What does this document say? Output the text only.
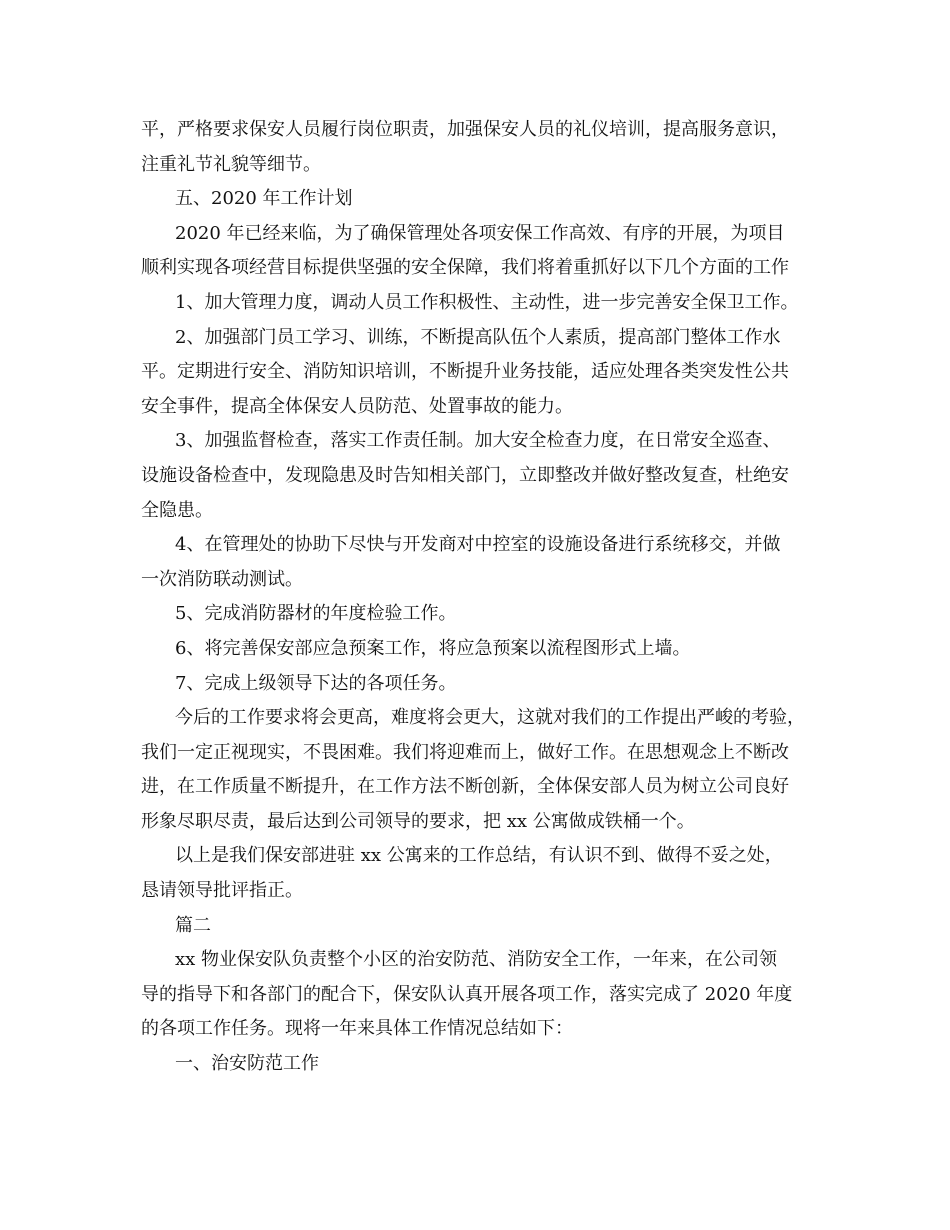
平，严格要求保安人员履行岗位职责，加强保安人员的礼仪培训，提高服务意识，
注重礼节礼貌等细节。
五、2020 年工作计划
2020 年已经来临，为了确保管理处各项安保工作高效、有序的开展，为项目
顺利实现各项经营目标提供坚强的安全保障，我们将着重抓好以下几个方面的工作
1、加大管理力度，调动人员工作积极性、主动性，进一步完善安全保卫工作。
2、加强部门员工学习、训练，不断提高队伍个人素质，提高部门整体工作水
平。定期进行安全、消防知识培训，不断提升业务技能，适应处理各类突发性公共
安全事件，提高全体保安人员防范、处置事故的能力。
3、加强监督检查，落实工作责任制。加大安全检查力度，在日常安全巡查、
设施设备检查中，发现隐患及时告知相关部门，立即整改并做好整改复查，杜绝安
全隐患。
4、在管理处的协助下尽快与开发商对中控室的设施设备进行系统移交，并做
一次消防联动测试。
5、完成消防器材的年度检验工作。
6、将完善保安部应急预案工作，将应急预案以流程图形式上墙。
7、完成上级领导下达的各项任务。
今后的工作要求将会更高，难度将会更大，这就对我们的工作提出严峻的考验，
我们一定正视现实，不畏困难。我们将迎难而上，做好工作。在思想观念上不断改
进，在工作质量不断提升，在工作方法不断创新，全体保安部人员为树立公司良好
形象尽职尽责，最后达到公司领导的要求，把 xx 公寓做成铁桶一个。
以上是我们保安部进驻 xx 公寓来的工作总结，有认识不到、做得不妥之处，
恳请领导批评指正。
篇二
xx 物业保安队负责整个小区的治安防范、消防安全工作，一年来，在公司领
导的指导下和各部门的配合下，保安队认真开展各项工作，落实完成了 2020 年度
的各项工作任务。现将一年来具体工作情况总结如下：
一、治安防范工作
